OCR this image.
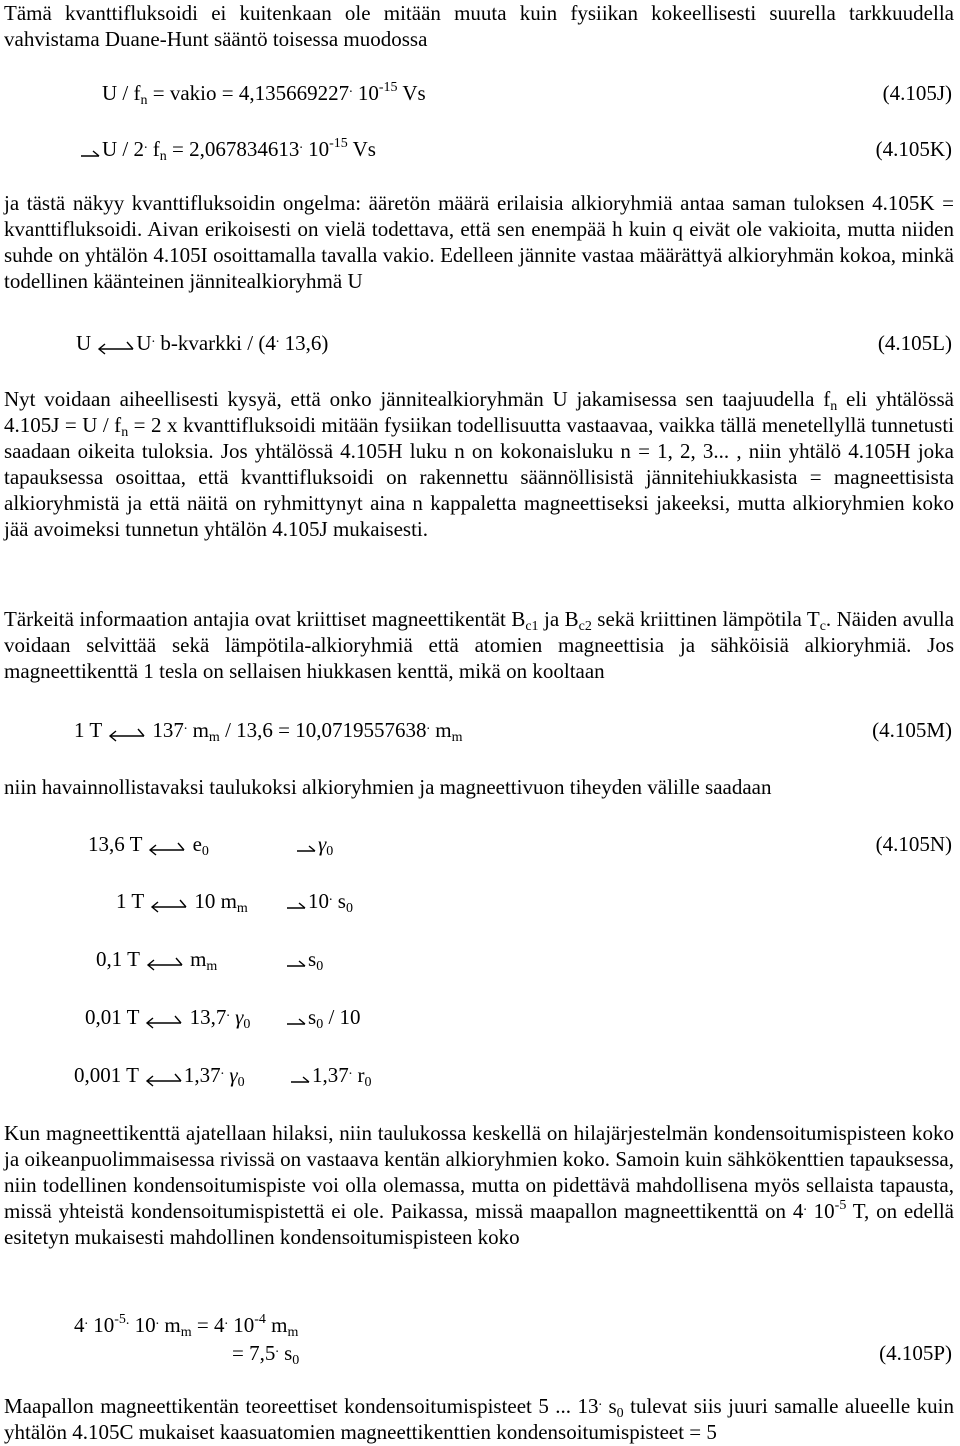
Tämä kvanttifluksoidi ei kuitenkaan ole mitään muuta kuin fysiikan kokeellisesti suurella tarkkuudella vahvistama Duane-Hunt sääntö toisessa muodossa

U / $f_n$ = vakio = 4,135669227. $10^{-15}$ Vs	(4.105J)
U / 2. $f_n = 2,067834613^.$ $10^{-15}$ Vs	(4.105K)

ja tästä näkyy kvanttifluksoidin ongelma: ääretön määrä erilaisia alkioryhmiä antaa saman tuloksen 4.105K = kvanttifluksoidi. Aivan erikoisesti on vielä todettava, että sen enempää h kuin q eivät ole vakioita, mutta niiden suhde on yhtälön 4.105I osoittamalla tavalla vakio. Edelleen jännite vastaa määrättyä alkioryhmän kokoa, minkä todellinen käänteinen jännitealkioryhmä U

U U. b-kvarkki / (4. 13,6)	(4.105L)

Nyt voidaan aiheellisesti kysyä, että onko jännitealkioryhmän U jakamisessa sen taajuudella $f_n$ eli yhtälössä $4.105J = U / f_n = 2$ x kvanttifluksoidi mitään fysiikan todellisuutta vastaavaa, vaikka tällä menetellyllä tunnetusti saadaan oikeita tuloksia. Jos yhtälössä 4.105H luku n on kokonaisluku n = 1, 2, 3... , niin yhtälö 4.105H joka tapauksessa osoittaa, että kvanttifluksoidi on rakennettu säännöllisistä jännitehiukkasista = magneettisista alkioryhmistä ja että näitä on ryhmittynyt aina n kappaletta magneettiseksi jakeeksi, mutta alkioryhmien koko jää avoimeksi tunnetun yhtälön 4.105J mukaisesti.

Tärkeitä informaation antajia ovat kriittiset magneettikentät $B_{c1}$ ja $B_{c2}$ sekä kriittinen lämpötila $T_c$. Näiden avulla voidaan selvittää sekä lämpötila-alkioryhmiä että atomien magneettisia ja sähköisiä alkioryhmiä. Jos magneettikenttä 1 tesla on sellaisen hiukkasen kenttä, mikä on kooltaan

1 T 137. $m_m / 13,6 = 10,0719557638^.$ $m_m$	(4.105M)

niin havainnollistavaksi taulukoksi alkioryhmien ja magneettivuon tiheyden välille saadaan

(4.105N)
13,6 T $e_0$	$\gamma_0$
1 T 10 $m_m$	10. $s_0$
0,1 T $m_m$	$s_0$
0,01 T 13,7. $\gamma_0$	$s_0 / 10$
0,001 T 1,37. $\gamma_0$	1,37. $r_0$

Kun magneettikenttä ajatellaan hilaksi, niin taulukossa keskellä on hilajärjestelmän kondensoitumispisteen koko ja oikeanpuolimmaisessa rivissä on vastaava kentän alkioryhmien koko. Samoin kuin sähkökenttien tapauksessa, niin todellinen kondensoitumispiste voi olla olemassa, mutta on pidettävä mahdollisena myös sellaista tapausta, missä yhteistä kondensoitumispistettä ei ole. Paikassa, missä maapallon magneettikenttä on 4. $10^{-5}$ T, on edellä esitetyn mukaisesti mahdollinen kondensoitumispisteen koko

4. $10^{-5.}$ 10. $m_m = 4^.$ $10^{-4}$ $m_m$
= 7,5. $s_0$	(4.105P)

Maapallon magneettikentän teoreettiset kondensoitumispisteet 5 ... 13. $s_0$ tulevat siis juuri samalle alueelle kuin yhtälön 4.105C mukaiset kaasuatomien magneettikenttien kondensoitumispisteet = 5
